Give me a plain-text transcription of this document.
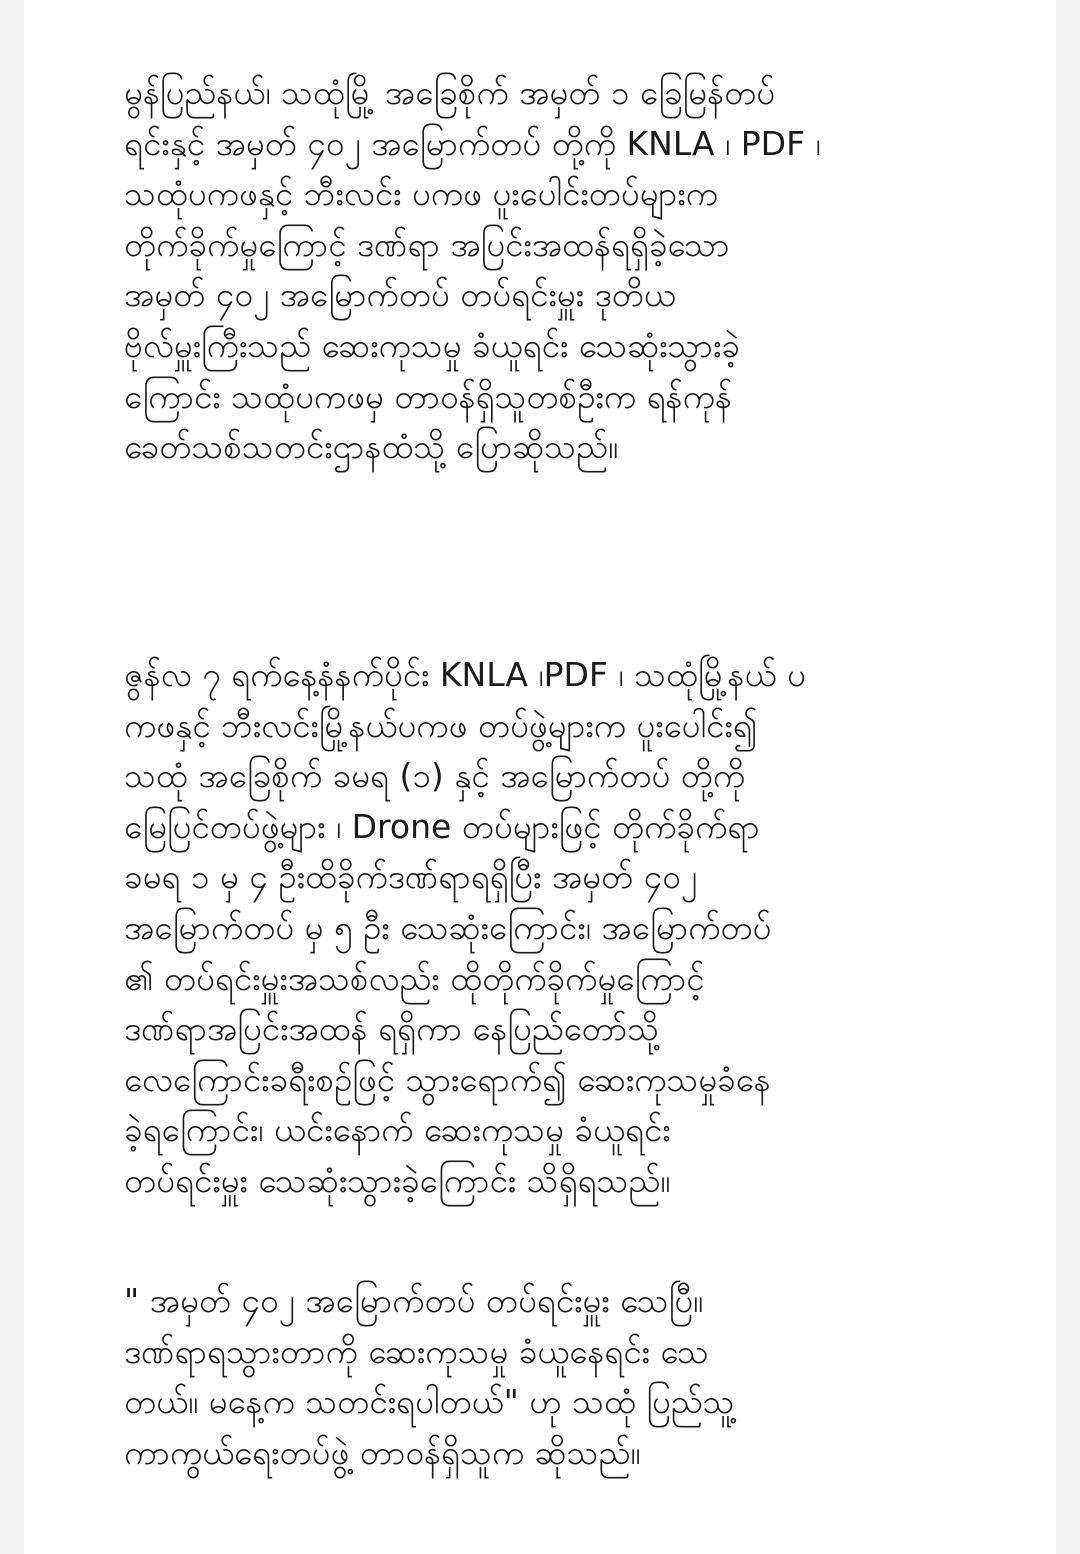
မွန်ပြည်နယ်၊ သထုံမြို့ အခြေစိုက် အမှတ် ၁ ခြေမြန်တပ်
ရင်းနှင့် အမှတ် ၄၀၂ အမြောက်တပ် တို့ကို KNLA ၊ PDF ၊
သထုံပကဖနှင့် ဘီးလင်း ပကဖ ပူးပေါင်းတပ်များက
တိုက်ခိုက်မှုကြောင့် ဒဏ်ရာ အပြင်းအထန်ရရှိခဲ့သော
အမှတ် ၄၀၂ အမြောက်တပ် တပ်ရင်းမှူး ဒုတိယ
ဗိုလ်မှူးကြီးသည် ဆေးကုသမှု ခံယူရင်း သေဆုံးသွားခဲ့
ကြောင်း သထုံပကဖမှ တာဝန်ရှိသူတစ်ဦးက ရန်ကုန်
ခေတ်သစ်သတင်းဌာနထံသို့ ပြောဆိုသည်။

ဇွန်လ ၇ ရက်နေ့နံနက်ပိုင်း KNLA ၊PDF ၊ သထုံမြို့နယ် ပ
ကဖနှင့် ဘီးလင်းမြို့နယ်ပကဖ တပ်ဖွဲ့များက ပူးပေါင်း၍
သထုံ အခြေစိုက် ခမရ (၁) နှင့် အမြောက်တပ် တို့ကို
မြေပြင်တပ်ဖွဲ့များ ၊ Drone တပ်များဖြင့် တိုက်ခိုက်ရာ
ခမရ ၁ မှ ၄ ဦးထိခိုက်ဒဏ်ရာရရှိပြီး အမှတ် ၄၀၂
အမြောက်တပ် မှ ၅ ဦး သေဆုံးကြောင်း၊ အမြောက်တပ်
၏ တပ်ရင်းမှူးအသစ်လည်း ထိုတိုက်ခိုက်မှုကြောင့်
ဒဏ်ရာအပြင်းအထန် ရရှိကာ နေပြည်တော်သို့
လေကြောင်းခရီးစဉ်ဖြင့် သွားရောက်၍ ဆေးကုသမှုခံနေ
ခဲ့ရကြောင်း၊ ယင်းနောက် ဆေးကုသမှု ခံယူရင်း
တပ်ရင်းမှူး သေဆုံးသွားခဲ့ကြောင်း သိရှိရသည်။

" အမှတ် ၄၀၂ အမြောက်တပ် တပ်ရင်းမှူး သေပြီ။
ဒဏ်ရာရသွားတာကို ဆေးကုသမှု ခံယူနေရင်း သေ
တယ်။ မနေ့က သတင်းရပါတယ်" ဟု သထုံ ပြည်သူ့
ကာကွယ်ရေးတပ်ဖွဲ့ တာဝန်ရှိသူက ဆိုသည်။
